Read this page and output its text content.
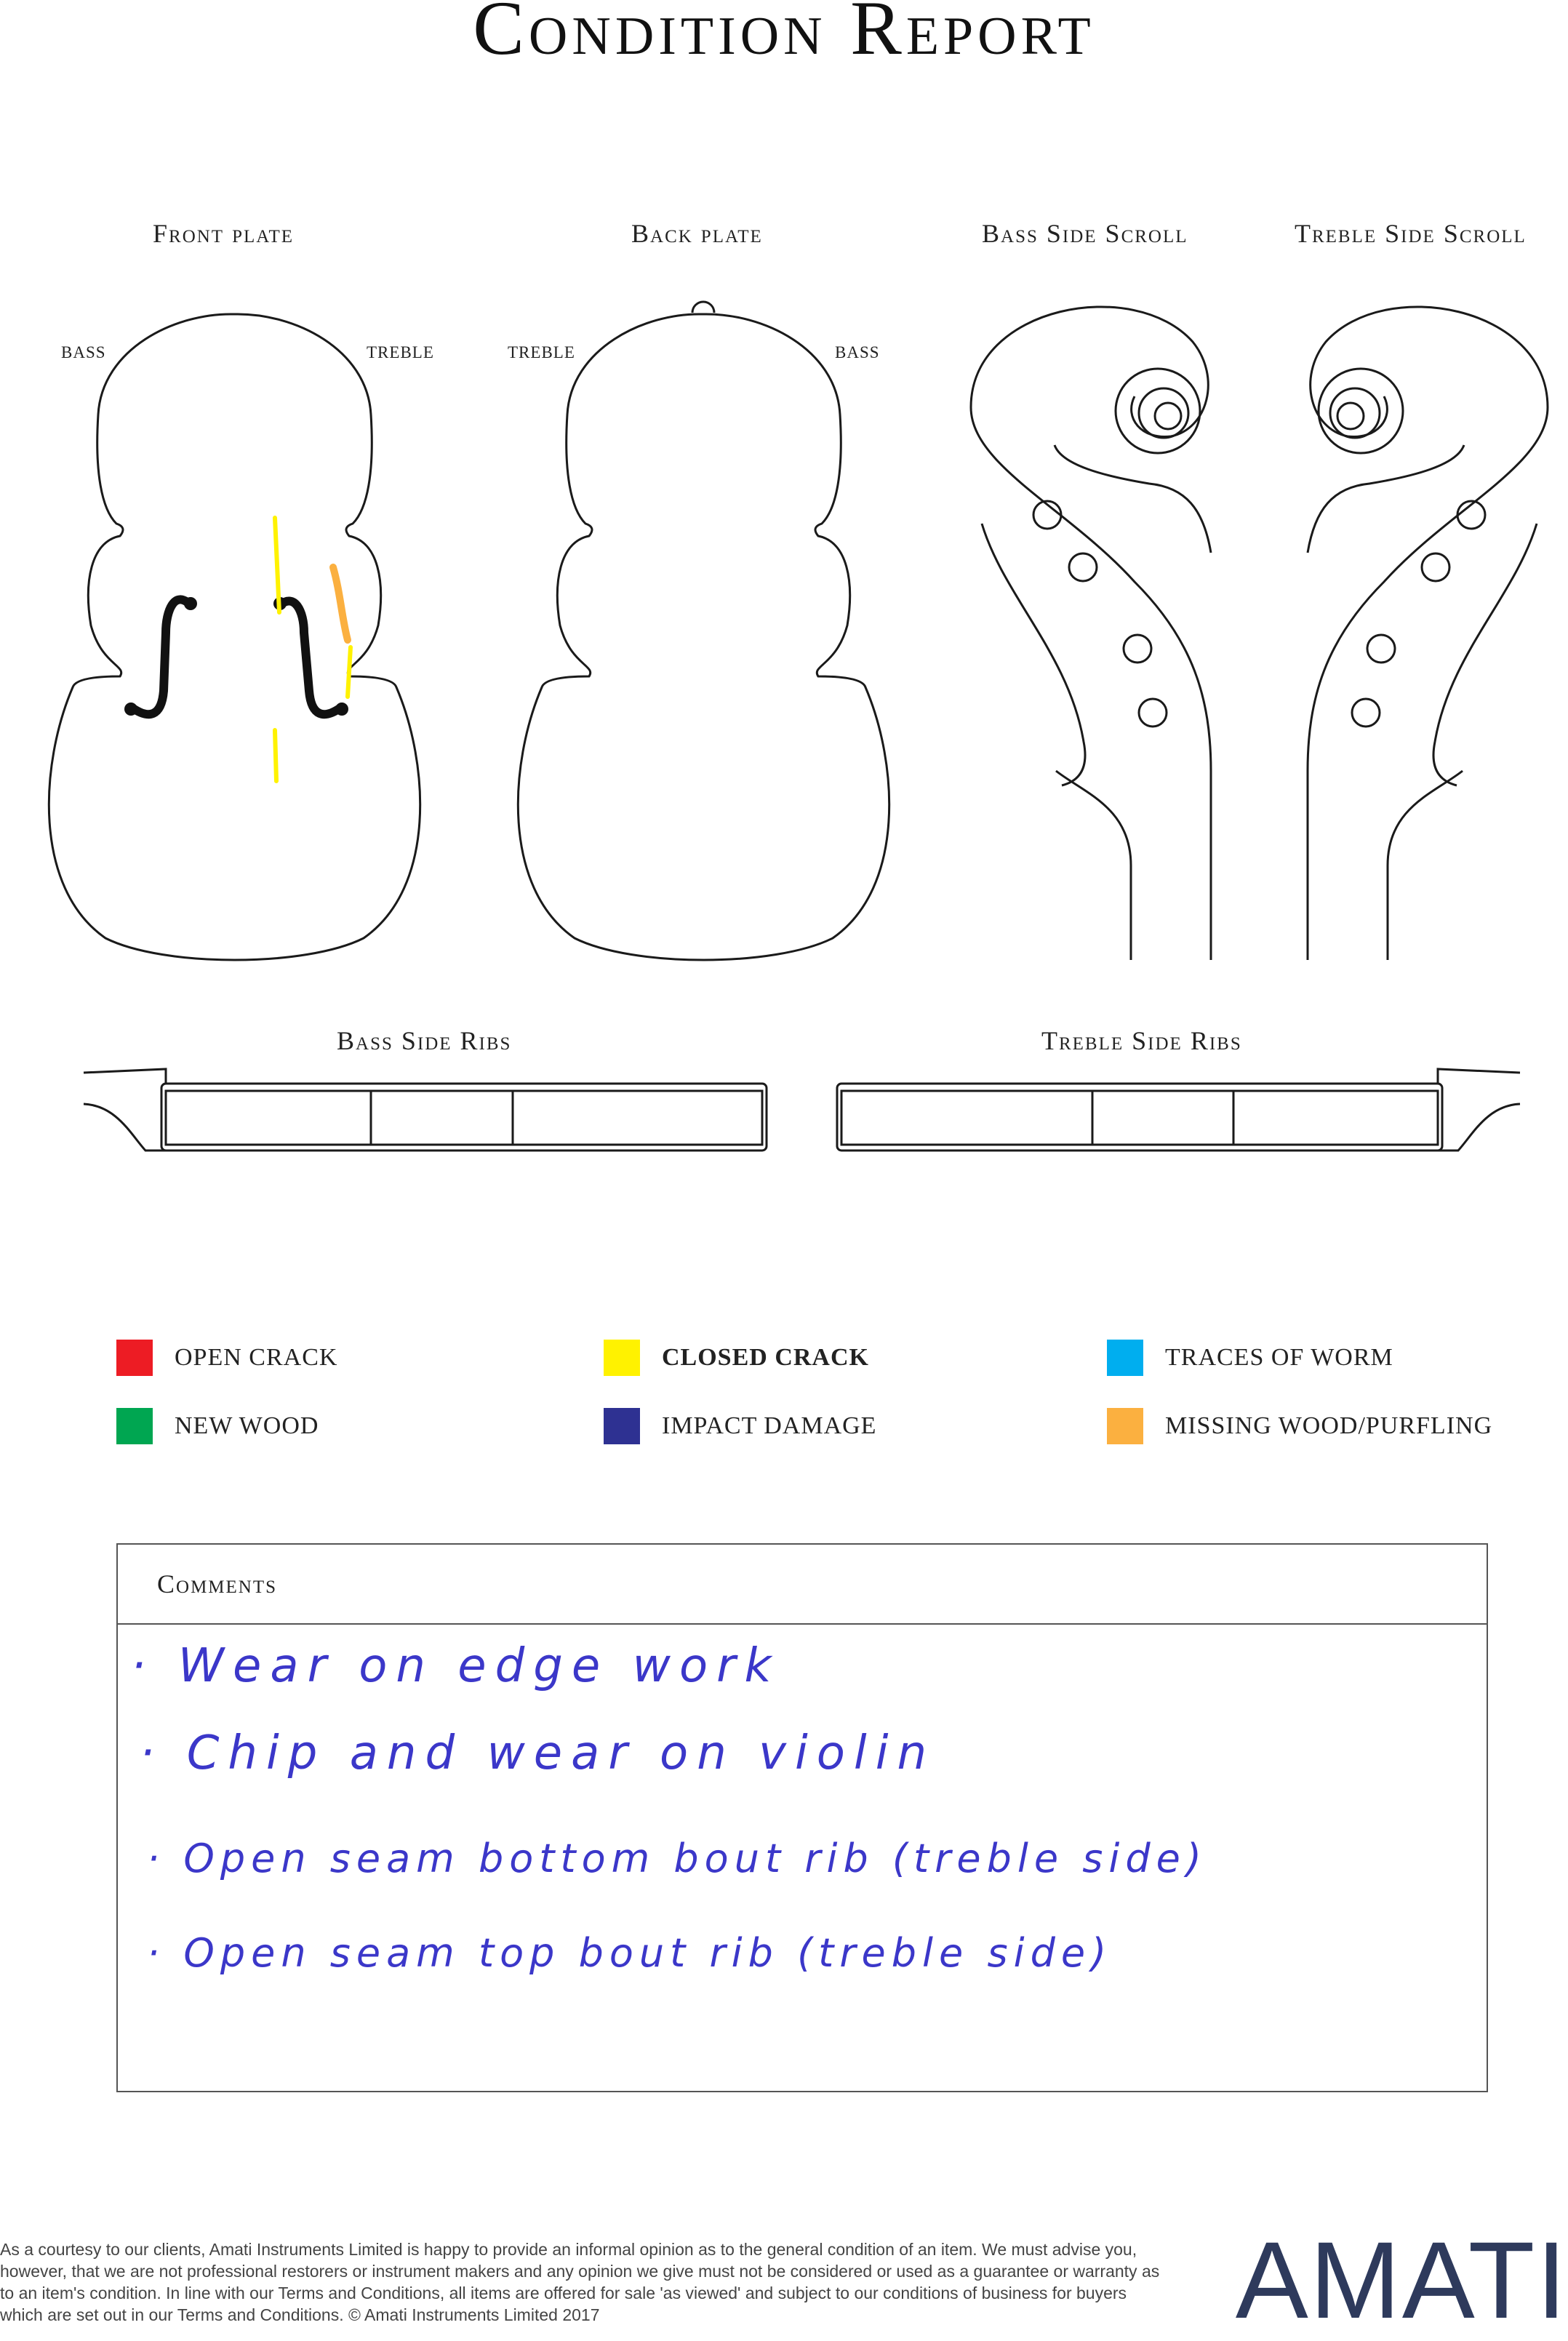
Condition Report
Front plate	Back plate	Bass Side Scroll	Treble Side Scroll
BASS	TREBLE	TREBLE	BASS
Bass Side Ribs	Treble Side Ribs
OPEN CRACK	CLOSED CRACK	TRACES OF WORM
NEW WOOD	IMPACT DAMAGE	MISSING WOOD/PURFLING
Comments
· Wear on edge work
· Chip and wear on violin
· Open seam bottom bout rib (treble side)
· Open seam top bout rib (treble side)
As a courtesy to our clients, Amati Instruments Limited is happy to provide an informal opinion as to the general condition of an item. We must advise you, however, that we are not professional restorers or instrument makers and any opinion we give must not be considered or used as a guarantee or warranty as to an item's condition. In line with our Terms and Conditions, all items are offered for sale 'as viewed' and subject to our conditions of business for buyers which are set out in our Terms and Conditions. © Amati Instruments Limited 2017	AMATI
